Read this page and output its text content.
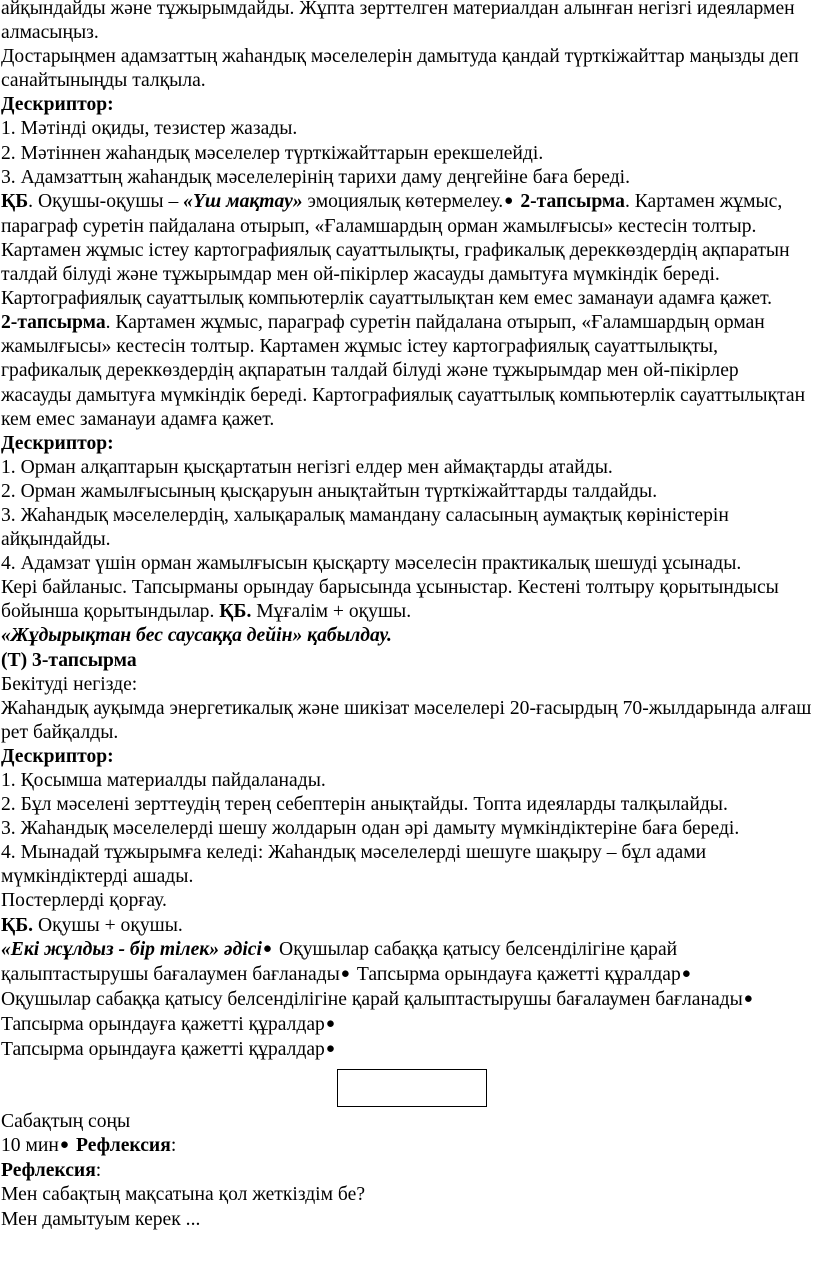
айқындайды және тұжырымдайды. Жұпта зерттелген материалдан алынған негізгі идеялармен алмасыңыз.

Достарыңмен адамзаттың жаһандық мәселелерін дамытуда қандай түрткіжайттар маңызды деп санайтыныңды талқыла.

Дескриптор:

1. Мәтінді оқиды, тезистер жазады.

2. Мәтіннен жаһандық мәселелер түрткіжайттарын ерекшелейді.

3. Адамзаттың жаһандық мәселелерінің тарихи даму деңгейіне баға береді.

ҚБ. Оқушы-оқушы – «Үш мақтау» эмоциялық көтермелеу.● 2-тапсырма. Картамен жұмыс, параграф суретін пайдалана отырып, «Ғаламшардың орман жамылғысы» кестесін толтыр. Картамен жұмыс істеу картографиялық сауаттылықты, графикалық дереккөздердің ақпаратын талдай білуді және тұжырымдар мен ой-пікірлер жасауды дамытуға мүмкіндік береді. Картографиялық сауаттылық компьютерлік сауаттылықтан кем емес заманауи адамға қажет.

2-тапсырма. Картамен жұмыс, параграф суретін пайдалана отырып, «Ғаламшардың орман жамылғысы» кестесін толтыр. Картамен жұмыс істеу картографиялық сауаттылықты, графикалық дереккөздердің ақпаратын талдай білуді және тұжырымдар мен ой-пікірлер жасауды дамытуға мүмкіндік береді. Картографиялық сауаттылық компьютерлік сауаттылықтан кем емес заманауи адамға қажет.

Дескриптор:

1. Орман алқаптарын қысқартатын негізгі елдер мен аймақтарды атайды.

2. Орман жамылғысының қысқаруын анықтайтын түрткіжайттарды талдайды.

3. Жаһандық мәселелердің, халықаралық мамандану саласының аумақтық көріністерін айқындайды.

4. Адамзат үшін орман жамылғысын қысқарту мәселесін практикалық шешуді ұсынады.

Кері байланыс. Тапсырманы орындау барысында ұсыныстар. Кестені толтыру қорытындысы бойынша қорытындылар. ҚБ. Мұғалім + оқушы.

«Жұдырықтан бес саусаққа дейін» қабылдау.

(Т) 3-тапсырма

Бекітуді негізде:

Жаһандық ауқымда энергетикалық және шикізат мәселелері 20-ғасырдың 70-жылдарында алғаш рет байқалды.

Дескриптор:

1. Қосымша материалды пайдаланады.

2. Бұл мәселені зерттеудің терең себептерін анықтайды. Топта идеяларды талқылайды.

3. Жаһандық мәселелерді шешу жолдарын одан әрі дамыту мүмкіндіктеріне баға береді.

4. Мынадай тұжырымға келеді: Жаһандық мәселелерді шешуге шақыру – бұл адами мүмкіндіктерді ашады.

Постерлерді қорғау.

ҚБ. Оқушы + оқушы.

«Екі жұлдыз - бір тілек» әдісі● Оқушылар сабаққа қатысу белсенділігіне қарай қалыптастырушы бағалаумен бағланады● Тапсырма орындауға қажетті құралдар●

Оқушылар сабаққа қатысу белсенділігіне қарай қалыптастырушы бағалаумен бағланады● Тапсырма орындауға қажетті құралдар●

Тапсырма орындауға қажетті құралдар●

Сабақтың соңы

10 мин● Рефлексия:

Рефлексия:

Мен сабақтың мақсатына қол жеткіздім бе?

Мен дамытуым керек ...
